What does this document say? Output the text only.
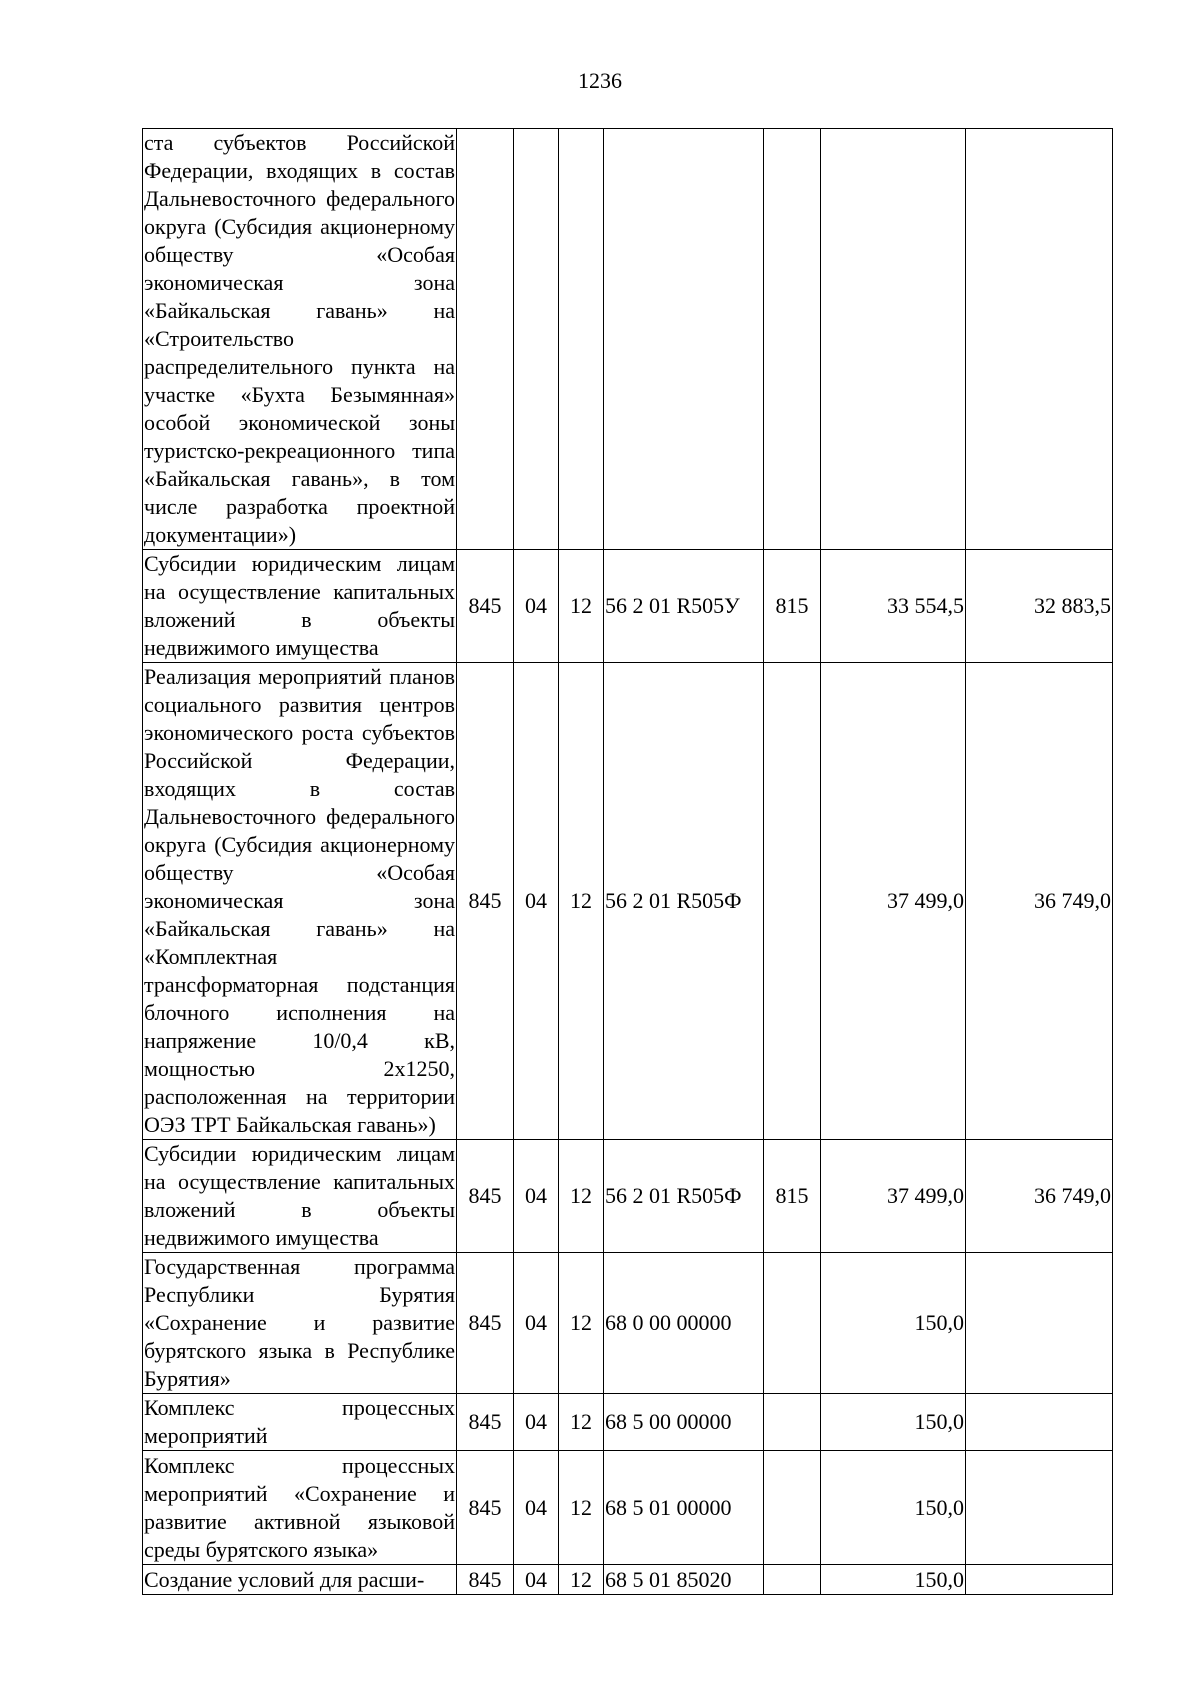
1236
ста субъектов Российской Федерации, входящих в состав Дальневосточного федерального округа (Субсидия акционерному обществу «Особая экономическая зона «Байкальская гавань» на «Строительство распределительного пункта на участке «Бухта Безымянная» особой экономической зоны туристско-рекреационного типа «Байкальская гавань», в том числе разработка проектной документации»)							
Субсидии юридическим лицам на осуществление капитальных вложений в объекты недвижимого имущества	845	04	12	56 2 01 R505У	815	33 554,5	32 883,5
Реализация мероприятий планов социального развития центров экономического роста субъектов Российской Федерации, входящих в состав Дальневосточного федерального округа (Субсидия акционерному обществу «Особая экономическая зона «Байкальская гавань» на «Комплектная трансформаторная подстанция блочного исполнения на напряжение 10/0,4 кВ, мощностью 2х1250, расположенная на территории ОЭЗ ТРТ Байкальская гавань»)	845	04	12	56 2 01 R505Ф		37 499,0	36 749,0
Субсидии юридическим лицам на осуществление капитальных вложений в объекты недвижимого имущества	845	04	12	56 2 01 R505Ф	815	37 499,0	36 749,0
Государственная программа Республики Бурятия «Сохранение и развитие бурятского языка в Республике Бурятия»	845	04	12	68 0 00 00000		150,0	
Комплекс процессных мероприятий	845	04	12	68 5 00 00000		150,0	
Комплекс процессных мероприятий «Сохранение и развитие активной языковой среды бурятского языка»	845	04	12	68 5 01 00000		150,0	
Создание условий для расши-	845	04	12	68 5 01 85020		150,0	
